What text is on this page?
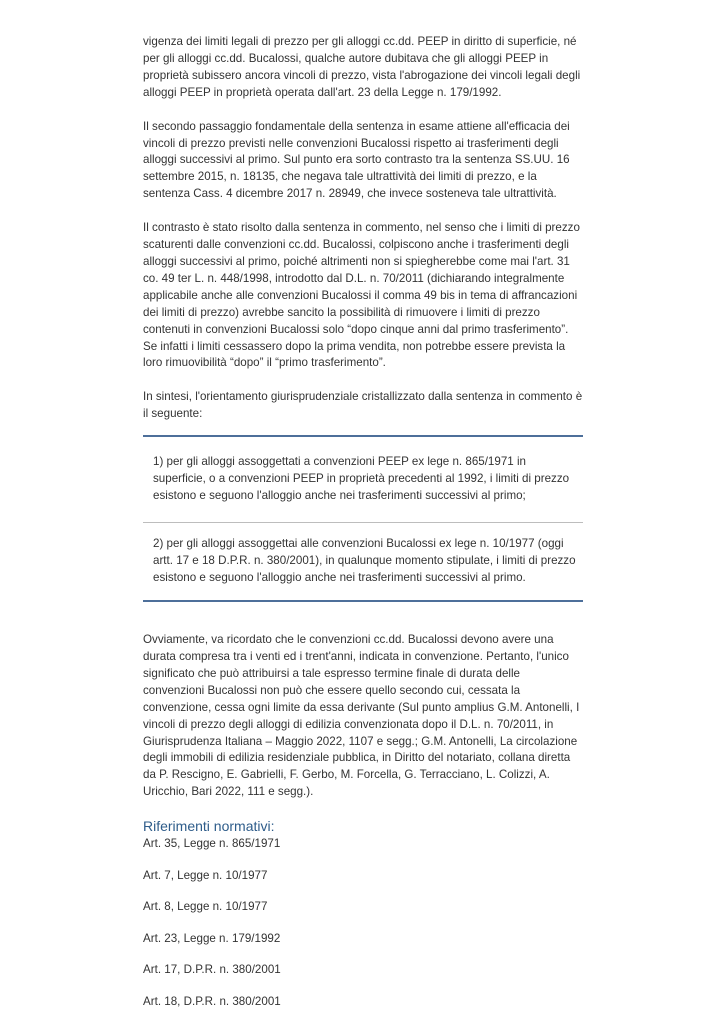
vigenza dei limiti legali di prezzo per gli alloggi cc.dd. PEEP in diritto di superficie, né per gli alloggi cc.dd. Bucalossi, qualche autore dubitava che gli alloggi PEEP in proprietà subissero ancora vincoli di prezzo, vista l'abrogazione dei vincoli legali degli alloggi PEEP in proprietà operata dall'art. 23 della Legge n. 179/1992.

Il secondo passaggio fondamentale della sentenza in esame attiene all'efficacia dei vincoli di prezzo previsti nelle convenzioni Bucalossi rispetto ai trasferimenti degli alloggi successivi al primo. Sul punto era sorto contrasto tra la sentenza SS.UU. 16 settembre 2015, n. 18135, che negava tale ultrattività dei limiti di prezzo, e la sentenza Cass. 4 dicembre 2017 n. 28949, che invece sosteneva tale ultrattività.

Il contrasto è stato risolto dalla sentenza in commento, nel senso che i limiti di prezzo scaturenti dalle convenzioni cc.dd. Bucalossi, colpiscono anche i trasferimenti degli alloggi successivi al primo, poiché altrimenti non si spiegherebbe come mai l'art. 31 co. 49 ter L. n. 448/1998, introdotto dal D.L. n. 70/2011 (dichiarando integralmente applicabile anche alle convenzioni Bucalossi il comma 49 bis in tema di affrancazioni dei limiti di prezzo) avrebbe sancito la possibilità di rimuovere i limiti di prezzo contenuti in convenzioni Bucalossi solo “dopo cinque anni dal primo trasferimento”. Se infatti i limiti cessassero dopo la prima vendita, non potrebbe essere prevista la loro rimuovibilità “dopo” il “primo trasferimento”.

In sintesi, l'orientamento giurisprudenziale cristallizzato dalla sentenza in commento è il seguente:

1) per gli alloggi assoggettati a convenzioni PEEP ex lege n. 865/1971 in superficie, o a convenzioni PEEP in proprietà precedenti al 1992, i limiti di prezzo esistono e seguono l'alloggio anche nei trasferimenti successivi al primo;
2) per gli alloggi assoggettai alle convenzioni Bucalossi ex lege n. 10/1977 (oggi artt. 17 e 18 D.P.R. n. 380/2001), in qualunque momento stipulate, i limiti di prezzo esistono e seguono l'alloggio anche nei trasferimenti successivi al primo.

Ovviamente, va ricordato che le convenzioni cc.dd. Bucalossi devono avere una durata compresa tra i venti ed i trent'anni, indicata in convenzione. Pertanto, l'unico significato che può attribuirsi a tale espresso termine finale di durata delle convenzioni Bucalossi non può che essere quello secondo cui, cessata la convenzione, cessa ogni limite da essa derivante (Sul punto amplius G.M. Antonelli, I vincoli di prezzo degli alloggi di edilizia convenzionata dopo il D.L. n. 70/2011, in Giurisprudenza Italiana – Maggio 2022, 1107 e segg.; G.M. Antonelli, La circolazione degli immobili di edilizia residenziale pubblica, in Diritto del notariato, collana diretta da P. Rescigno, E. Gabrielli, F. Gerbo, M. Forcella, G. Terracciano, L. Colizzi, A. Uricchio, Bari 2022, 111 e segg.).

Riferimenti normativi:
Art. 35, Legge n. 865/1971
Art. 7, Legge n. 10/1977
Art. 8, Legge n. 10/1977
Art. 23, Legge n. 179/1992
Art. 17, D.P.R. n. 380/2001
Art. 18, D.P.R. n. 380/2001
